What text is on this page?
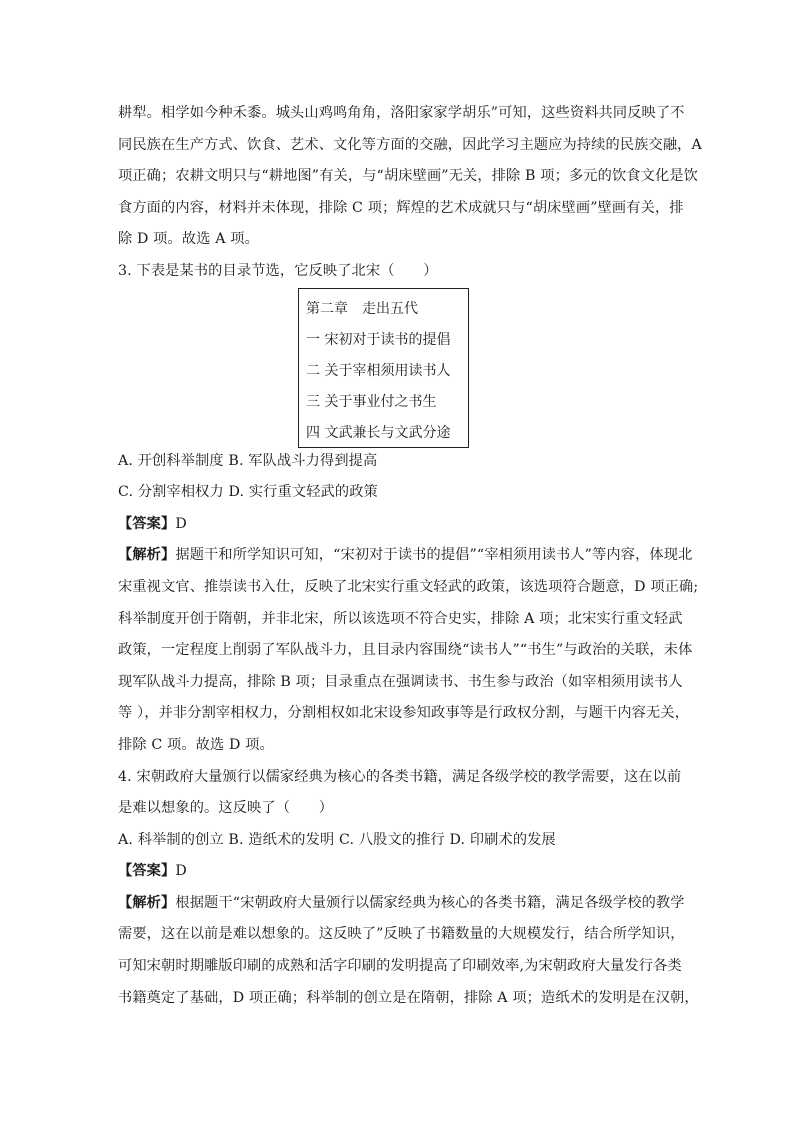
耕犁。相学如今种禾黍。城头山鸡鸣角角，洛阳家家学胡乐”可知，这些资料共同反映了不
同民族在生产方式、饮食、艺术、文化等方面的交融，因此学习主题应为持续的民族交融，A
项正确；农耕文明只与“耕地图”有关，与“胡床壁画”无关，排除 B 项；多元的饮食文化是饮
食方面的内容，材料并未体现，排除 C 项；辉煌的艺术成就只与“胡床壁画”壁画有关，排
除 D 项。故选 A 项。
3. 下表是某书的目录节选，它反映了北宋（　　）
第二章　走出五代
一 宋初对于读书的提倡
二 关于宰相须用读书人
三 关于事业付之书生
四 文武兼长与文武分途
A. 开创科举制度 B. 军队战斗力得到提高
C. 分割宰相权力 D. 实行重文轻武的政策
【答案】D
【解析】据题干和所学知识可知，“宋初对于读书的提倡”“宰相须用读书人”等内容，体现北
宋重视文官、推崇读书入仕，反映了北宋实行重文轻武的政策，该选项符合题意，D 项正确;
科举制度开创于隋朝，并非北宋，所以该选项不符合史实，排除 A 项；北宋实行重文轻武
政策，一定程度上削弱了军队战斗力，且目录内容围绕“读书人”“书生”与政治的关联，未体
现军队战斗力提高，排除 B 项；目录重点在强调读书、书生参与政治（如宰相须用读书人
等 ），并非分割宰相权力，分割相权如北宋设参知政事等是行政权分割，与题干内容无关，
排除 C 项。故选 D 项。
4. 宋朝政府大量颁行以儒家经典为核心的各类书籍，满足各级学校的教学需要，这在以前
是难以想象的。这反映了（　　）
A. 科举制的创立 B. 造纸术的发明 C. 八股文的推行 D. 印刷术的发展
【答案】D
【解析】根据题干“宋朝政府大量颁行以儒家经典为核心的各类书籍，满足各级学校的教学
需要，这在以前是难以想象的。这反映了”反映了书籍数量的大规模发行，结合所学知识，
可知宋朝时期雕版印刷的成熟和活字印刷的发明提高了印刷效率,为宋朝政府大量发行各类
书籍奠定了基础，D 项正确；科举制的创立是在隋朝，排除 A 项；造纸术的发明是在汉朝，
